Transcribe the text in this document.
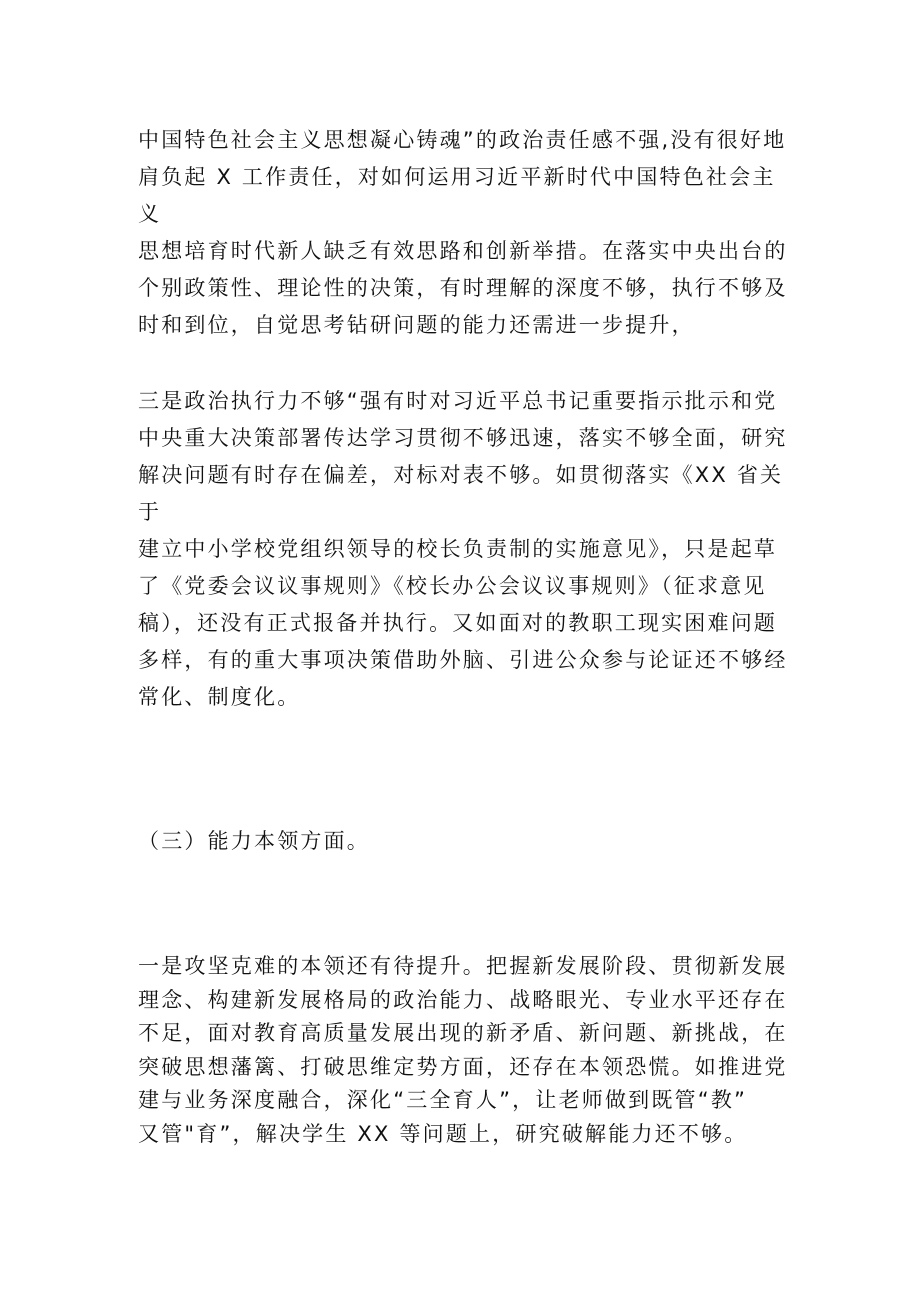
中国特色社会主义思想凝心铸魂”的政治责任感不强,没有很好地
肩负起 X 工作责任，对如何运用习近平新时代中国特色社会主义
思想培育时代新人缺乏有效思路和创新举措。在落实中央出台的
个别政策性、理论性的决策，有时理解的深度不够，执行不够及
时和到位，自觉思考钻研问题的能力还需进一步提升，

三是政治执行力不够“强有时对习近平总书记重要指示批示和党
中央重大决策部署传达学习贯彻不够迅速，落实不够全面，研究
解决问题有时存在偏差，对标对表不够。如贯彻落实《XX 省关于
建立中小学校党组织领导的校长负责制的实施意见》，只是起草
了《党委会议议事规则》《校长办公会议议事规则》（征求意见
稿），还没有正式报备并执行。又如面对的教职工现实困难问题
多样，有的重大事项决策借助外脑、引进公众参与论证还不够经
常化、制度化。

（三）能力本领方面。

一是攻坚克难的本领还有待提升。把握新发展阶段、贯彻新发展
理念、构建新发展格局的政治能力、战略眼光、专业水平还存在
不足，面对教育高质量发展出现的新矛盾、新问题、新挑战，在
突破思想藩篱、打破思维定势方面，还存在本领恐慌。如推进党
建与业务深度融合，深化“三全育人”，让老师做到既管“教”
又管"育”，解决学生 XX 等问题上，研究破解能力还不够。
